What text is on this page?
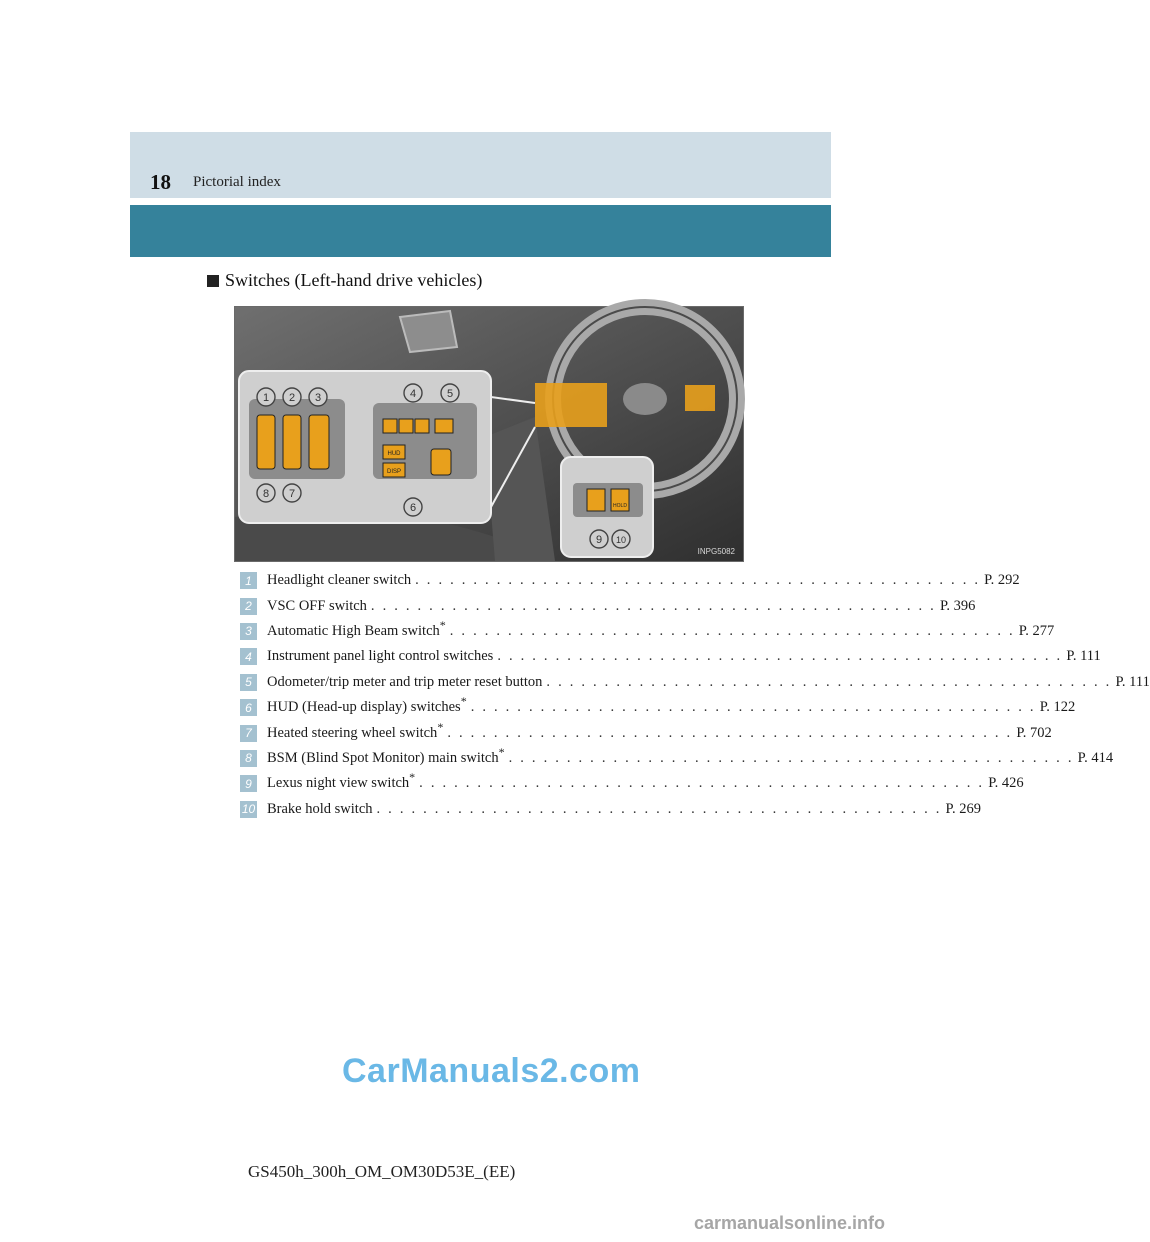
18 Pictorial index
Switches (Left-hand drive vehicles)
HUD
DISP
HOLD
1 2 3	4	5
6
7
8
9 10
INPG5082
1	Headlight cleaner switch . . . . . . . . . . . . . . . . . . . . . . . . . . . . . . . . . . . . . . . . . . . . . . . . . P. 292
2	VSC OFF switch . . . . . . . . . . . . . . . . . . . . . . . . . . . . . . . . . . . . . . . . . . . . . . . . . P. 396
3	Automatic High Beam switch* . . . . . . . . . . . . . . . . . . . . . . . . . . . . . . . . . . . . . . . . . . . . . . . . . P. 277
4	Instrument panel light control switches . . . . . . . . . . . . . . . . . . . . . . . . . . . . . . . . . . . . . . . . . . . . . . . . . P. 111
5	Odometer/trip meter and trip meter reset button . . . . . . . . . . . . . . . . . . . . . . . . . . . . . . . . . . . . . . . . . . . . . . . . . P. 111
6	HUD (Head-up display) switches* . . . . . . . . . . . . . . . . . . . . . . . . . . . . . . . . . . . . . . . . . . . . . . . . . P. 122
7	Heated steering wheel switch* . . . . . . . . . . . . . . . . . . . . . . . . . . . . . . . . . . . . . . . . . . . . . . . . . P. 702
8	BSM (Blind Spot Monitor) main switch* . . . . . . . . . . . . . . . . . . . . . . . . . . . . . . . . . . . . . . . . . . . . . . . . . P. 414
9	Lexus night view switch* . . . . . . . . . . . . . . . . . . . . . . . . . . . . . . . . . . . . . . . . . . . . . . . . . P. 426
10 Brake hold switch . . . . . . . . . . . . . . . . . . . . . . . . . . . . . . . . . . . . . . . . . . . . . . . . . P. 269
CarManuals2.com
GS450h_300h_OM_OM30D53E_(EE)
carmanualsonline.info
